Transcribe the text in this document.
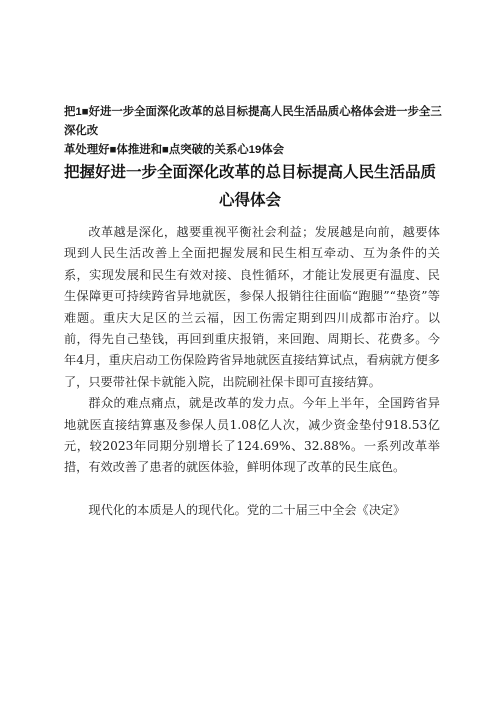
把1■好进一步全面深化改革的总目标提高人民生活品质心格体会进一步全三深化改
革处理好■体推进和■点突破的关系心19体会
把握好进一步全面深化改革的总目标提高人民生活品质
心得体会

改革越是深化，越要重视平衡社会利益；发展越是向前，越要体现到人民生活改善上全面把握发展和民生相互牵动、互为条件的关系，实现发展和民生有效对接、良性循环，才能让发展更有温度、民生保障更可持续跨省异地就医，参保人报销往往面临“跑腿”“垫资”等难题。重庆大足区的兰云福，因工伤需定期到四川成都市治疗。以前，得先自己垫钱，再回到重庆报销，来回跑、周期长、花费多。今年4月，重庆启动工伤保险跨省异地就医直接结算试点，看病就方便多了，只要带社保卡就能入院，出院刷社保卡即可直接结算。

群众的难点痛点，就是改革的发力点。今年上半年，全国跨省异地就医直接结算惠及参保人员1.08亿人次，减少资金垫付918.53亿元，较2023年同期分别增长了124.69%、32.88%。一系列改革举措，有效改善了患者的就医体验，鲜明体现了改革的民生底色。

现代化的本质是人的现代化。党的二十届三中全会《决定》
